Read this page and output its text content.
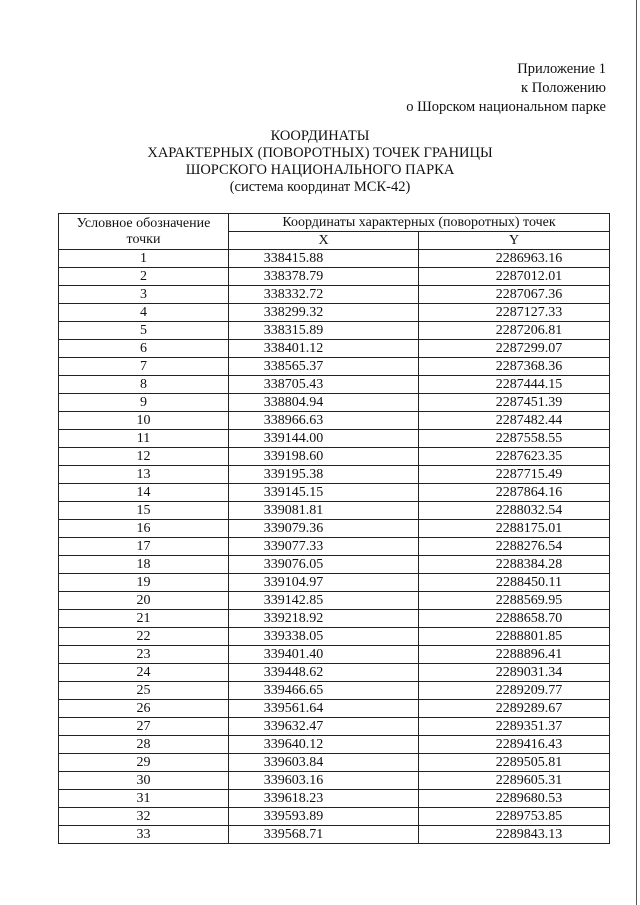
Приложение 1
к Положению
о Шорском национальном парке
КООРДИНАТЫ
ХАРАКТЕРНЫХ (ПОВОРОТНЫХ) ТОЧЕК ГРАНИЦЫ
ШОРСКОГО НАЦИОНАЛЬНОГО ПАРКА
(система координат МСК-42)
Условное обозначение
точки	Координаты характерных (поворотных) точек	
	X	Y
1	338415.88	2286963.16
2	338378.79	2287012.01
3	338332.72	2287067.36
4	338299.32	2287127.33
5	338315.89	2287206.81
6	338401.12	2287299.07
7	338565.37	2287368.36
8	338705.43	2287444.15
9	338804.94	2287451.39
10	338966.63	2287482.44
11	339144.00	2287558.55
12	339198.60	2287623.35
13	339195.38	2287715.49
14	339145.15	2287864.16
15	339081.81	2288032.54
16	339079.36	2288175.01
17	339077.33	2288276.54
18	339076.05	2288384.28
19	339104.97	2288450.11
20	339142.85	2288569.95
21	339218.92	2288658.70
22	339338.05	2288801.85
23	339401.40	2288896.41
24	339448.62	2289031.34
25	339466.65	2289209.77
26	339561.64	2289289.67
27	339632.47	2289351.37
28	339640.12	2289416.43
29	339603.84	2289505.81
30	339603.16	2289605.31
31	339618.23	2289680.53
32	339593.89	2289753.85
33	339568.71	2289843.13
